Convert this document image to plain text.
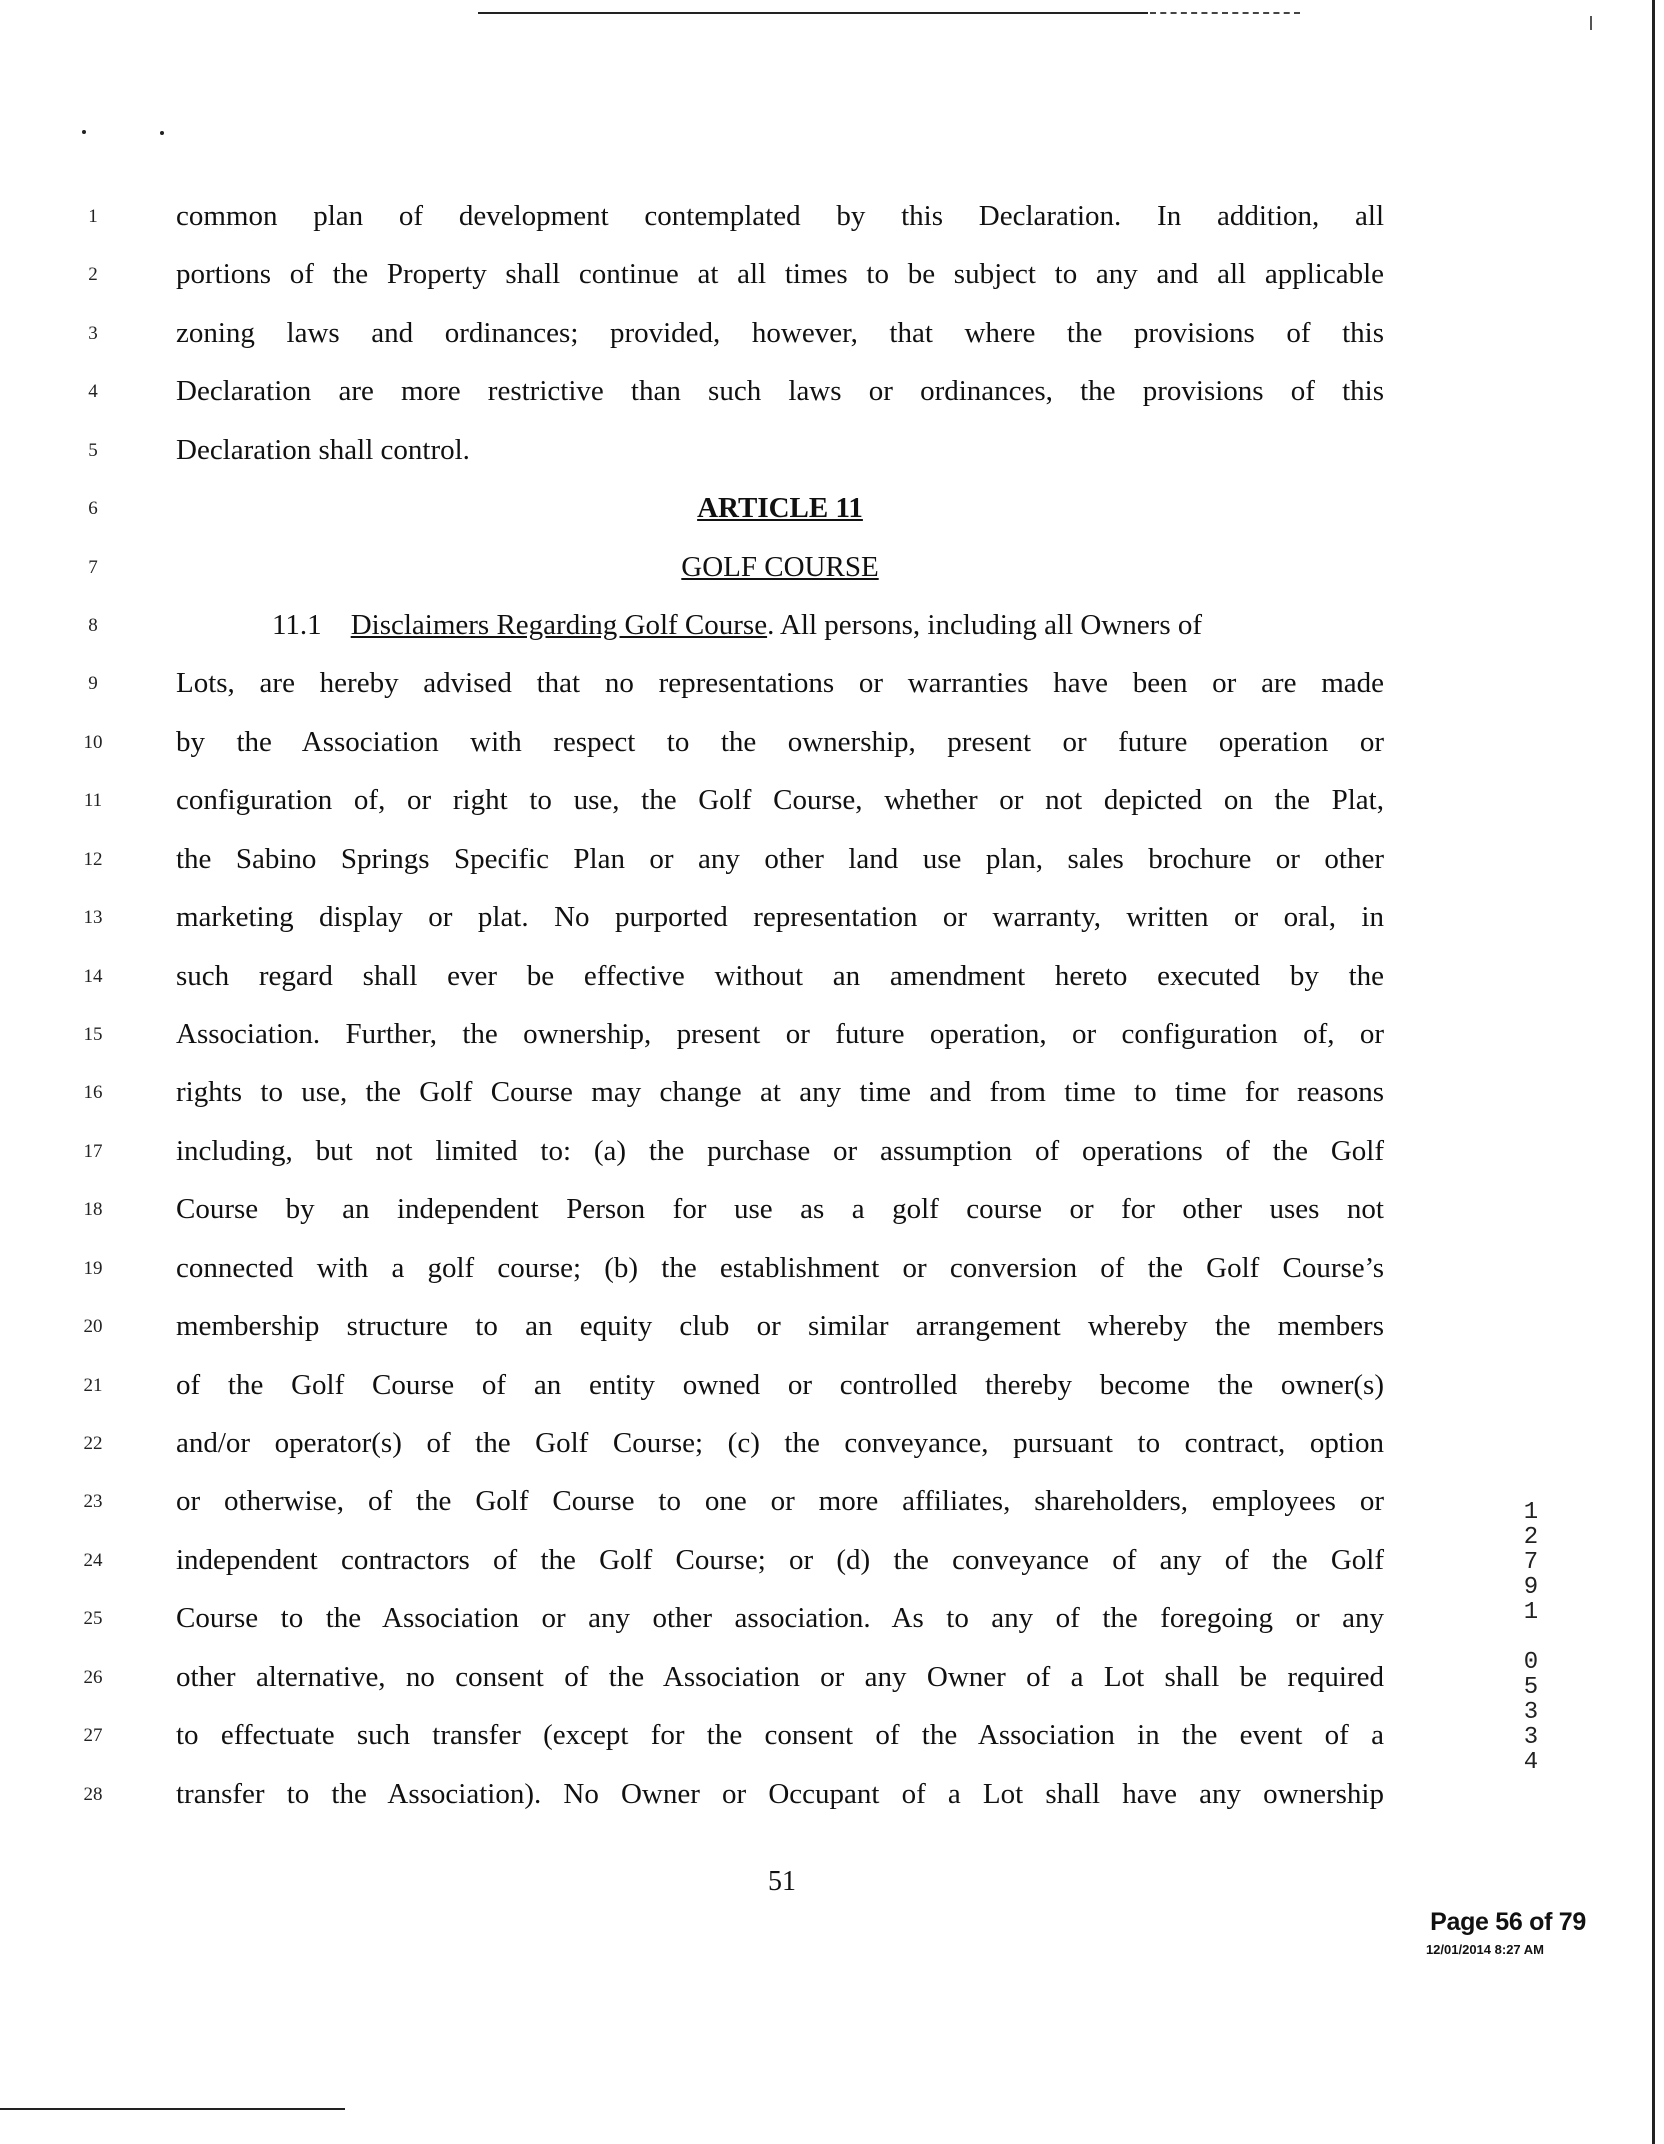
1
2
3
4
5
6
7
8
9
10
11
12
13
14
15
16
17
18
19
20
21
22
23
24
25
26
27
28
common plan of development contemplated by this Declaration. In addition, all
portions of the Property shall continue at all times to be subject to any and all applicable
zoning laws and ordinances; provided, however, that where the provisions of this
Declaration are more restrictive than such laws or ordinances, the provisions of this
Declaration shall control.
ARTICLE 11
GOLF COURSE
11.1 Disclaimers Regarding Golf Course. All persons, including all Owners of
Lots, are hereby advised that no representations or warranties have been or are made
by the Association with respect to the ownership, present or future operation or
configuration of, or right to use, the Golf Course, whether or not depicted on the Plat,
the Sabino Springs Specific Plan or any other land use plan, sales brochure or other
marketing display or plat. No purported representation or warranty, written or oral, in
such regard shall ever be effective without an amendment hereto executed by the
Association. Further, the ownership, present or future operation, or configuration of, or
rights to use, the Golf Course may change at any time and from time to time for reasons
including, but not limited to: (a) the purchase or assumption of operations of the Golf
Course by an independent Person for use as a golf course or for other uses not
connected with a golf course; (b) the establishment or conversion of the Golf Course’s
membership structure to an equity club or similar arrangement whereby the members
of the Golf Course of an entity owned or controlled thereby become the owner(s)
and/or operator(s) of the Golf Course; (c) the conveyance, pursuant to contract, option
or otherwise, of the Golf Course to one or more affiliates, shareholders, employees or
independent contractors of the Golf Course; or (d) the conveyance of any of the Golf
Course to the Association or any other association. As to any of the foregoing or any
other alternative, no consent of the Association or any Owner of a Lot shall be required
to effectuate such transfer (except for the consent of the Association in the event of a
transfer to the Association). No Owner or Occupant of a Lot shall have any ownership
51
Page 56 of 79
12/01/2014 8:27 AM
1
2
7
9
1

0
5
3
3
4
